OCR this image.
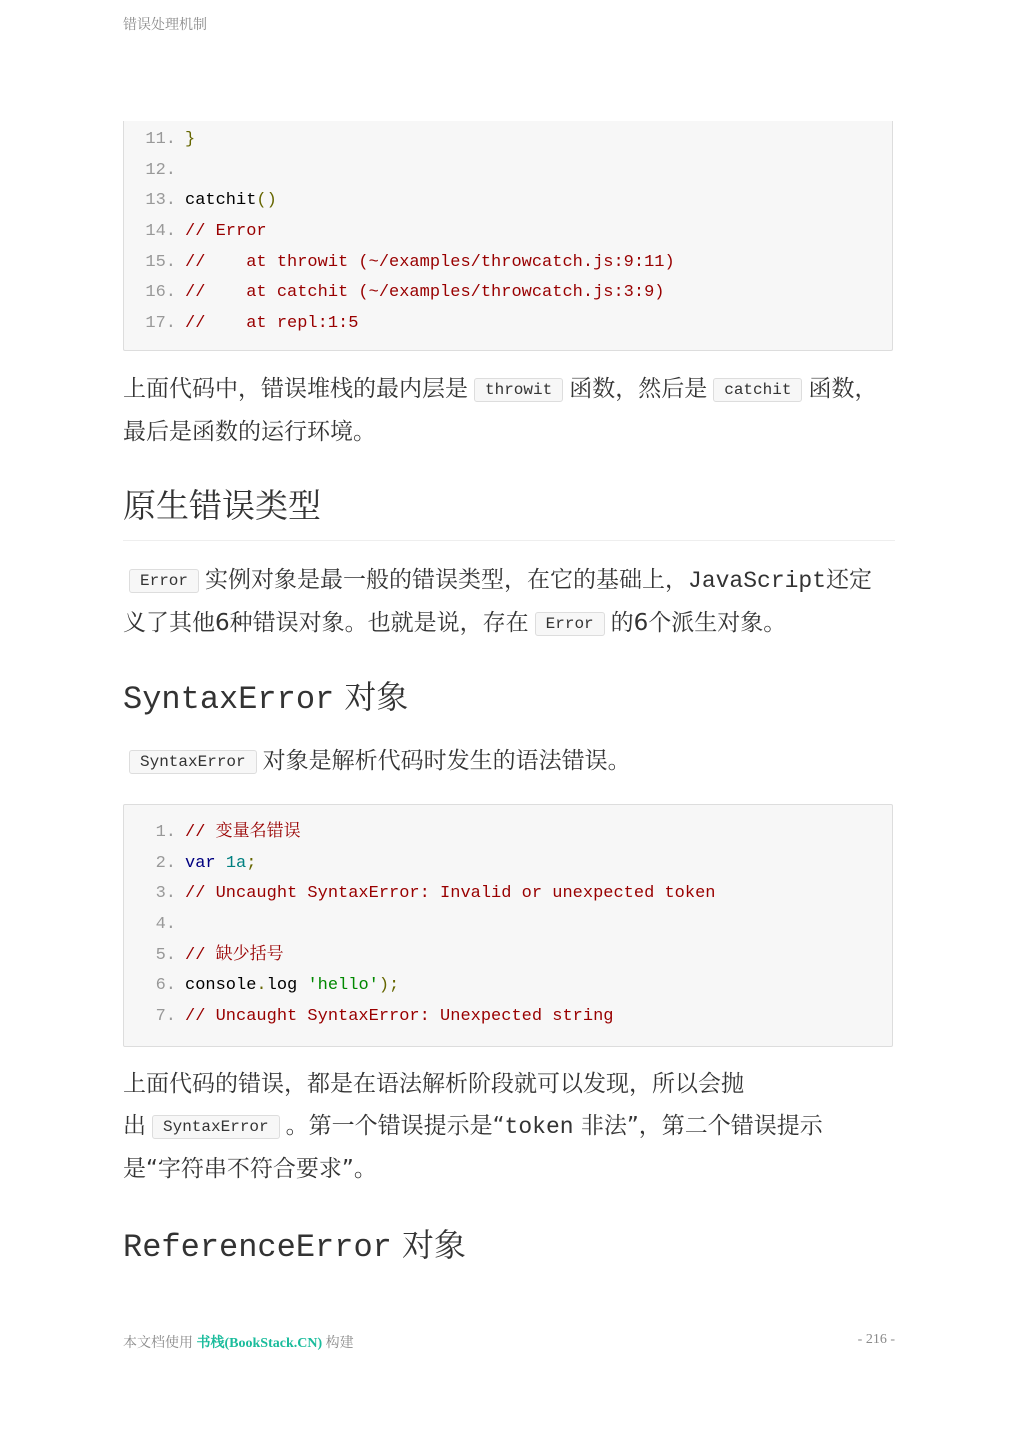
错误处理机制
11. }
12.
13. catchit()
14. // Error
15. //    at throwit (~/examples/throwcatch.js:9:11)
16. //    at catchit (~/examples/throwcatch.js:3:9)
17. //    at repl:1:5
上面代码中，错误堆栈的最内层是 throwit 函数，然后是 catchit 函数，最后是函数的运行环境。
原生错误类型
Error 实例对象是最一般的错误类型，在它的基础上，JavaScript还定义了其他6种错误对象。也就是说，存在 Error 的6个派生对象。
SyntaxError 对象
SyntaxError 对象是解析代码时发生的语法错误。
1. // 变量名错误
2. var 1a;
3. // Uncaught SyntaxError: Invalid or unexpected token
4.
5. // 缺少括号
6. console.log 'hello');
7. // Uncaught SyntaxError: Unexpected string
上面代码的错误，都是在语法解析阶段就可以发现，所以会抛
出 SyntaxError 。第一个错误提示是“token 非法”，第二个错误提示
是“字符串不符合要求”。
ReferenceError 对象
本文档使用 书栈(BookStack.CN) 构建	- 216 -
